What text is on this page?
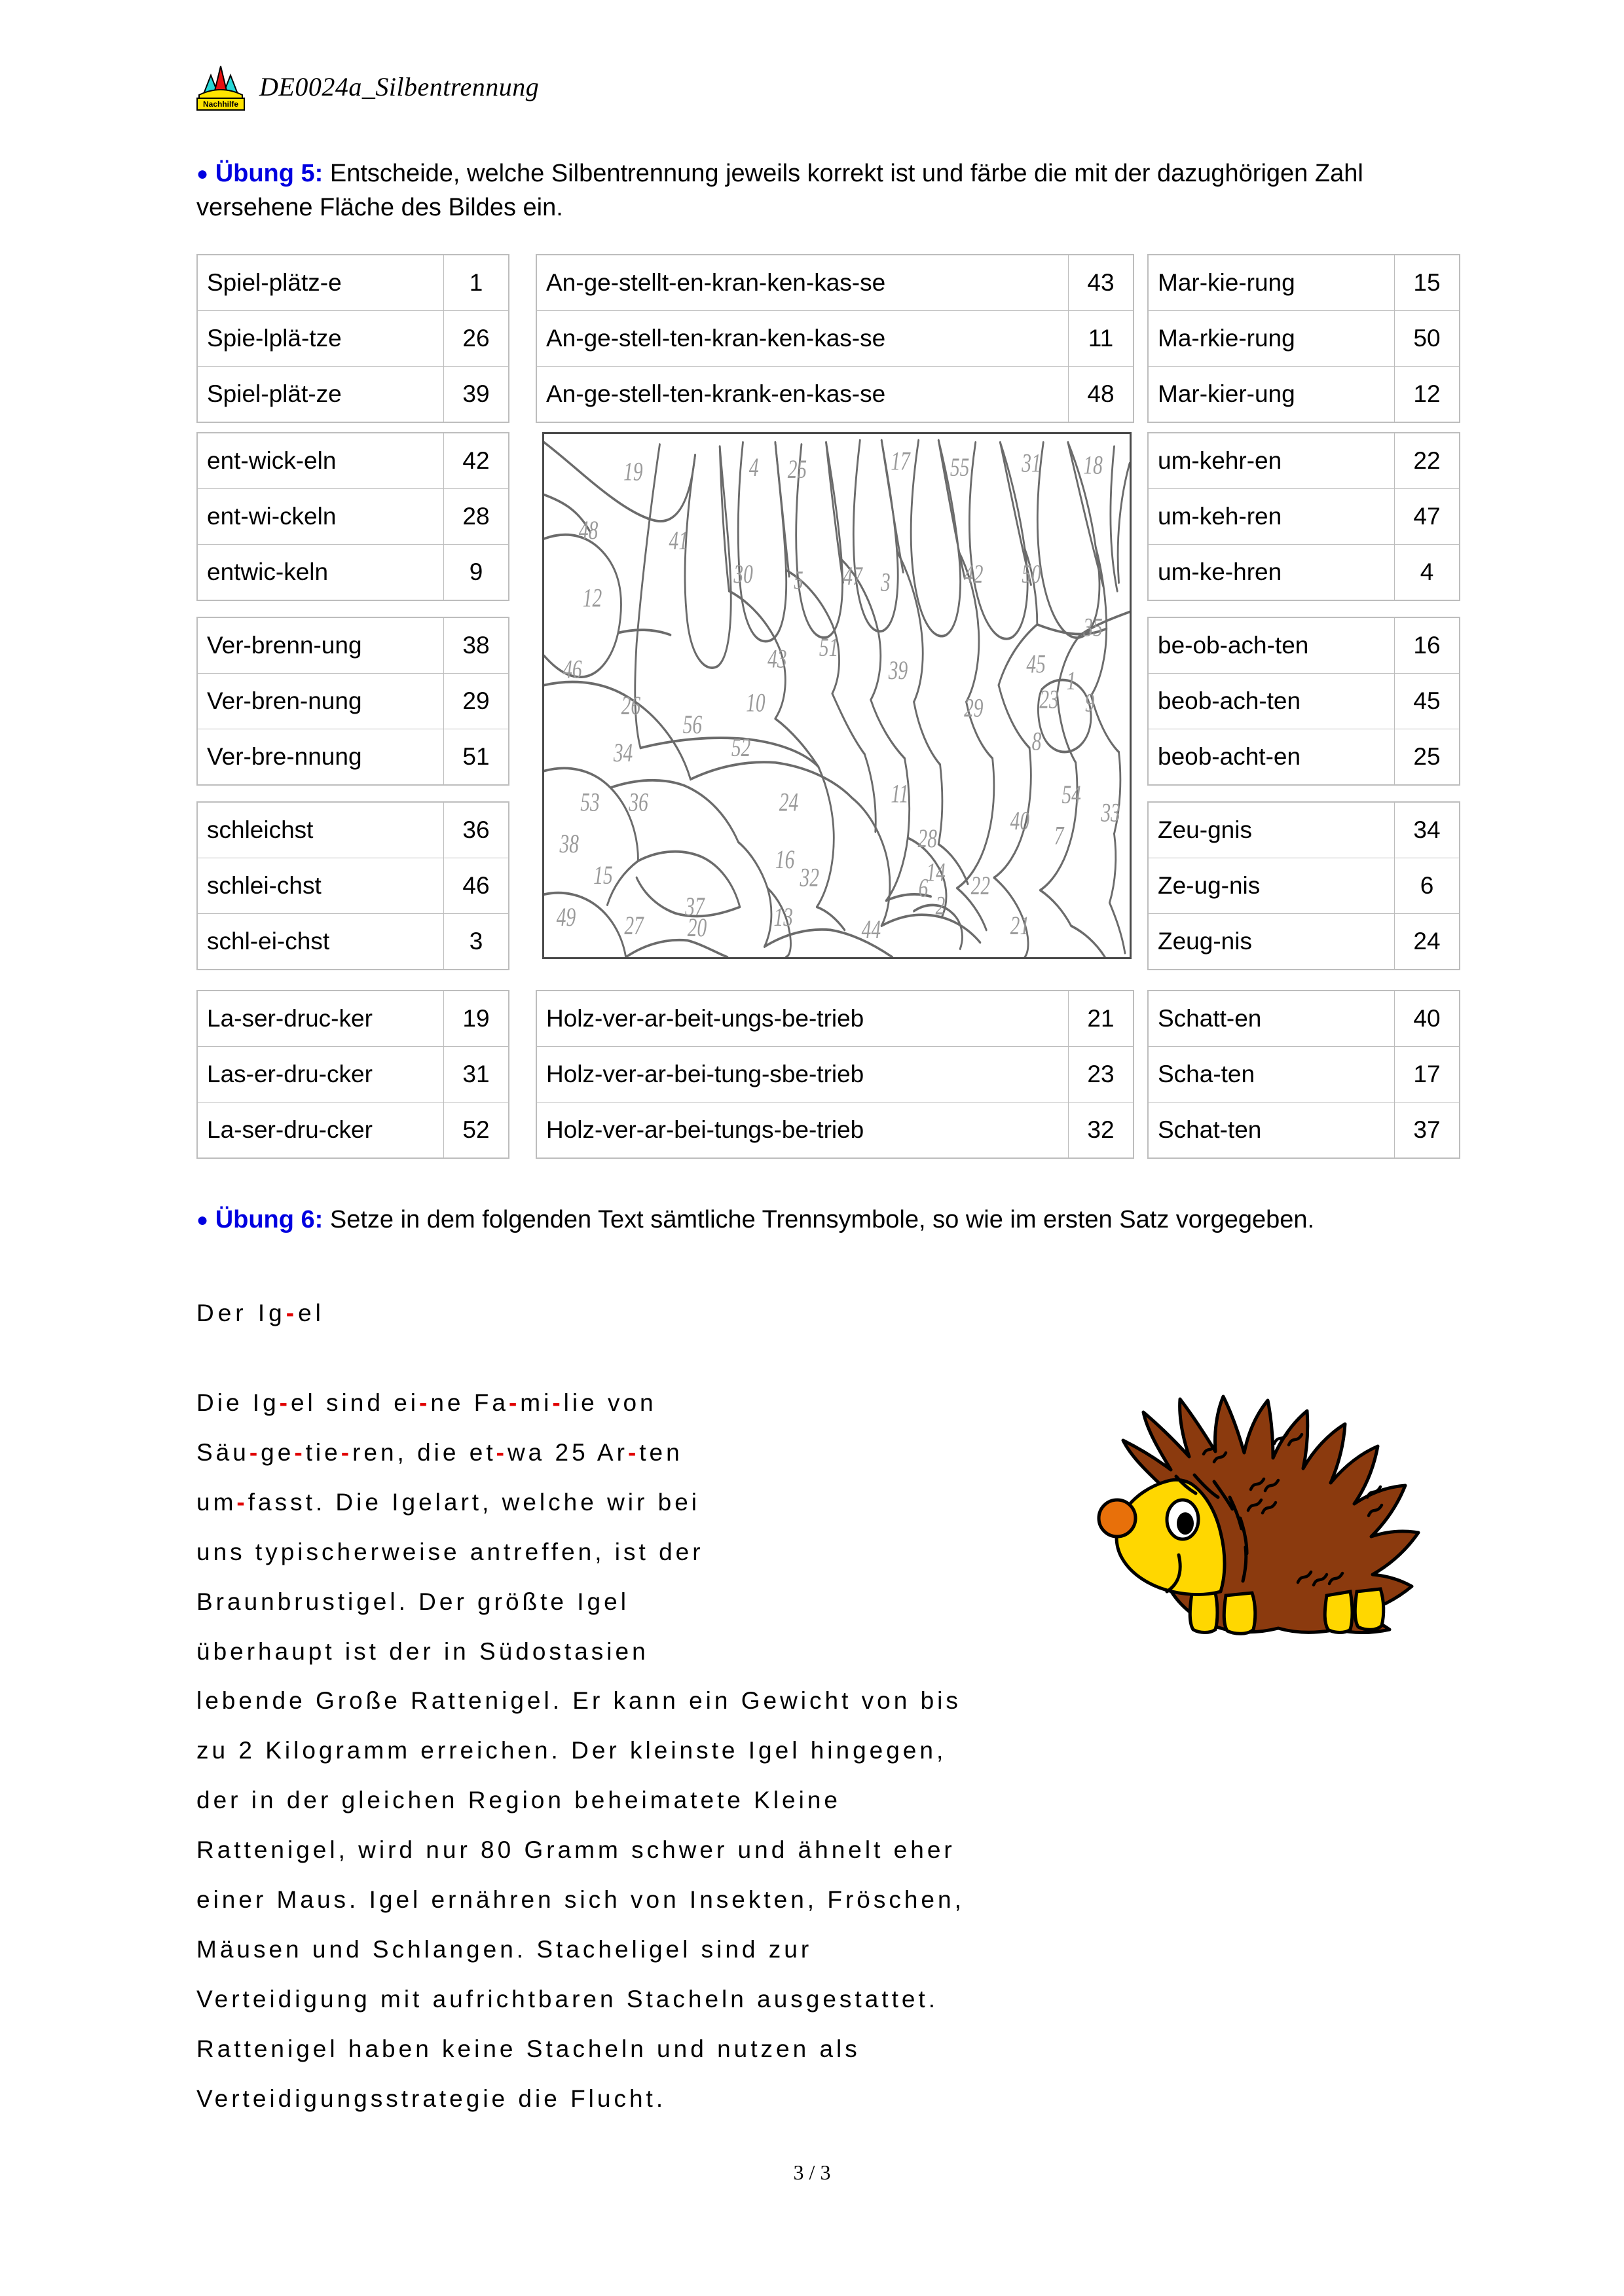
Nachhilfe
DE0024a_Silbentrennung
● Übung 5: Entscheide, welche Silbentrennung jeweils korrekt ist und färbe die mit der dazughörigen Zahl versehene Fläche des Bildes ein.
Spiel-plätz-e	1
Spie-lplä-tze	26
Spiel-plät-ze	39
An-ge-stellt-en-kran-ken-kas-se	43
An-ge-stell-ten-kran-ken-kas-se	11
An-ge-stell-ten-krank-en-kas-se	48
Mar-kie-rung	15
Ma-rkie-rung	50
Mar-kier-ung	12
ent-wick-eln	42
ent-wi-ckeln	28
entwic-keln	9
Ver-brenn-ung	38
Ver-bren-nung	29
Ver-bre-nnung	51
schleichst	36
schlei-chst	46
schl-ei-chst	3
um-kehr-en	22
um-keh-ren	47
um-ke-hren	4
be-ob-ach-ten	16
beob-ach-ten	45
beob-acht-en	25
Zeu-gnis	34
Ze-ug-nis	6
Zeug-nis	24
19	4 25	17 55	31	18
48	41
30 5 47 3	42 50
12
35
46	43 51
39	45
1
26
56
10	29	23 9
34	52	8
53 36	24	11	54
33
40
7
38	28
16
15	32	14
6	22
49	37
27	20	13	44
2
21
La-ser-druc-ker	19
Las-er-dru-cker	31
La-ser-dru-cker	52
Holz-ver-ar-beit-ungs-be-trieb	21
Holz-ver-ar-bei-tung-sbe-trieb	23
Holz-ver-ar-bei-tungs-be-trieb	32
Schatt-en	40
Scha-ten	17
Schat-ten	37
● Übung 6: Setze in dem folgenden Text sämtliche Trennsymbole, so wie im ersten Satz vorgegeben.
Der Ig-el
Die Ig-el sind ei-ne Fa-mi-lie von
Säu-ge-tie-ren, die et-wa 25 Ar-ten
um-fasst. Die Igelart, welche wir bei
uns typischerweise antreffen, ist der
Braunbrustigel. Der größte Igel
überhaupt ist der in Südostasien
lebende Große Rattenigel. Er kann ein Gewicht von bis
zu 2 Kilogramm erreichen. Der kleinste Igel hingegen,
der in der gleichen Region beheimatete Kleine
Rattenigel, wird nur 80 Gramm schwer und ähnelt eher
einer Maus. Igel ernähren sich von Insekten, Fröschen,
Mäusen und Schlangen. Stacheligel sind zur
Verteidigung mit aufrichtbaren Stacheln ausgestattet.
Rattenigel haben keine Stacheln und nutzen als
Verteidigungsstrategie die Flucht.
3 / 3
